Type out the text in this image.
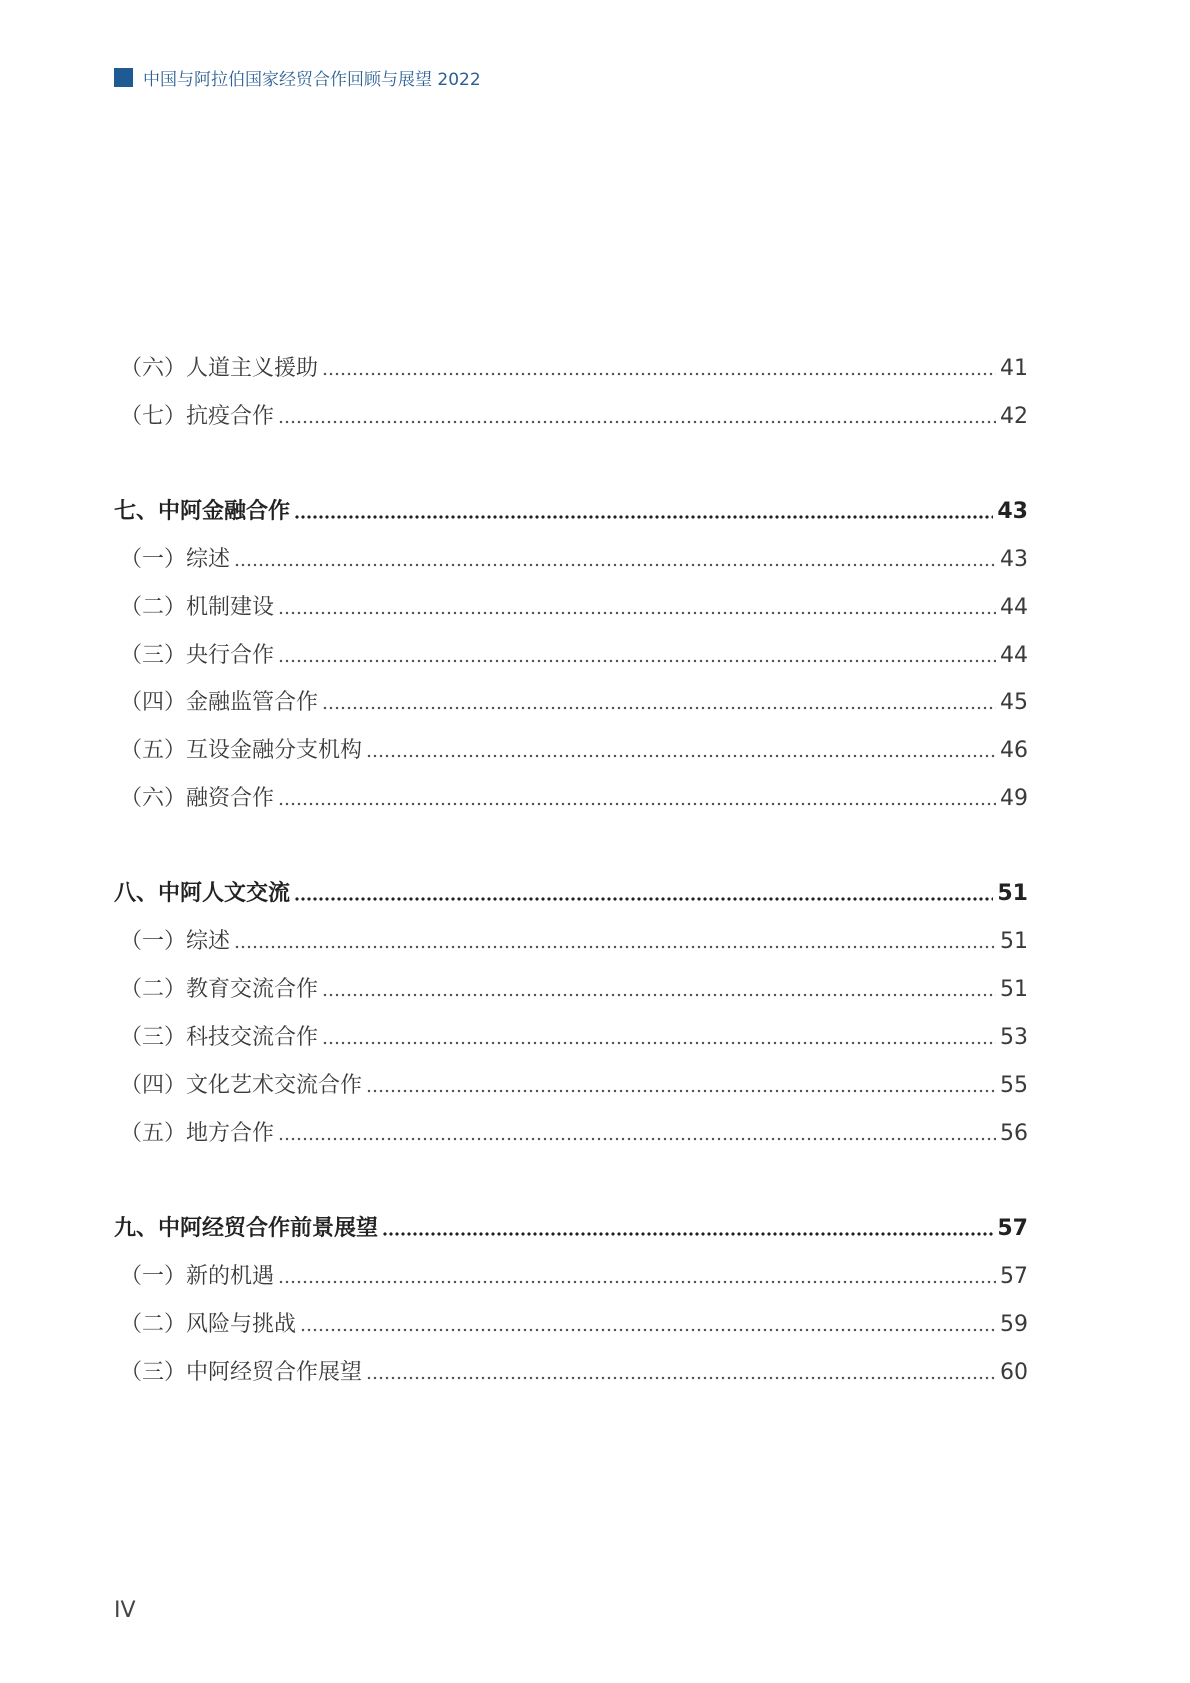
中国与阿拉伯国家经贸合作回顾与展望 2022
（六）人道主义援助	41
（七）抗疫合作	42
七、中阿金融合作	43
（一）综述	43
（二）机制建设	44
（三）央行合作	44
（四）金融监管合作	45
（五）互设金融分支机构	46
（六）融资合作	49
八、中阿人文交流	51
（一）综述	51
（二）教育交流合作	51
（三）科技交流合作	53
（四）文化艺术交流合作	55
（五）地方合作	56
九、中阿经贸合作前景展望	57
（一）新的机遇	57
（二）风险与挑战	59
（三）中阿经贸合作展望	60
IV
